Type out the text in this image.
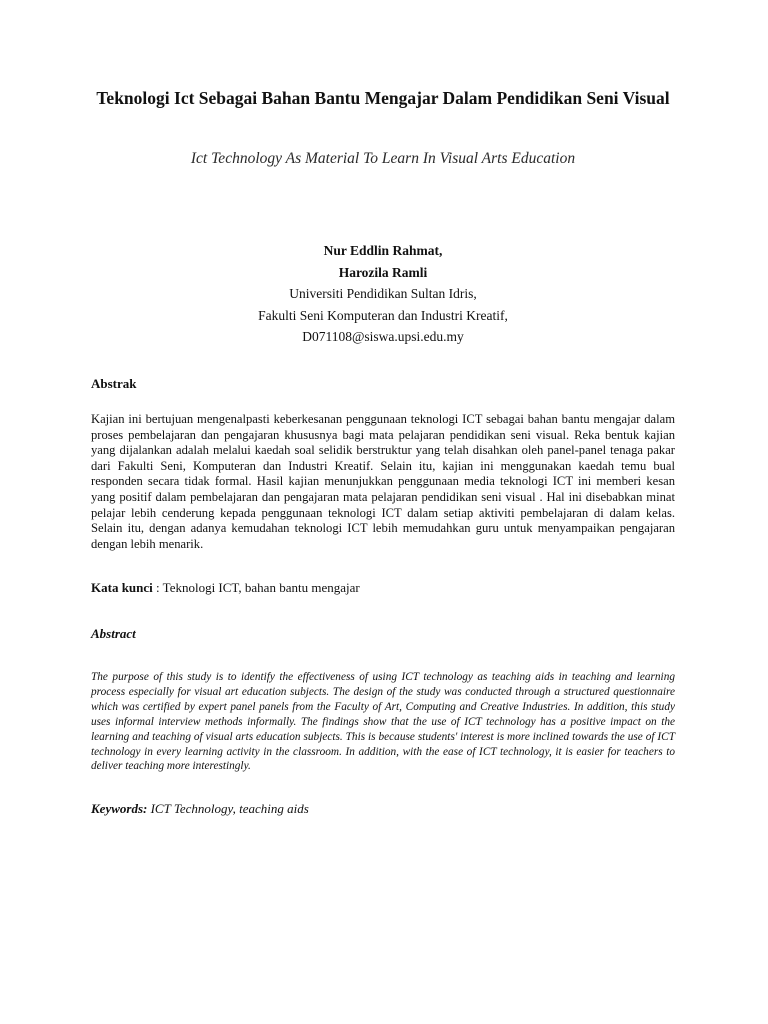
Teknologi Ict Sebagai Bahan Bantu Mengajar Dalam Pendidikan Seni Visual

Ict Technology As Material To Learn In Visual Arts Education

Nur Eddlin Rahmat,
Harozila Ramli
Universiti Pendidikan Sultan Idris,
Fakulti Seni Komputeran dan Industri Kreatif,
D071108@siswa.upsi.edu.my
Abstrak

Kajian ini bertujuan mengenalpasti keberkesanan penggunaan teknologi ICT sebagai bahan bantu mengajar dalam proses pembelajaran dan pengajaran khususnya bagi mata pelajaran pendidikan seni visual. Reka bentuk kajian yang dijalankan adalah melalui kaedah soal selidik berstruktur yang telah disahkan oleh panel-panel tenaga pakar dari Fakulti Seni, Komputeran dan Industri Kreatif. Selain itu, kajian ini menggunakan kaedah temu bual responden secara tidak formal. Hasil kajian menunjukkan penggunaan media teknologi ICT ini memberi kesan yang positif dalam pembelajaran dan pengajaran mata pelajaran pendidikan seni visual . Hal ini disebabkan minat pelajar lebih cenderung kepada penggunaan teknologi ICT dalam setiap aktiviti pembelajaran di dalam kelas. Selain itu, dengan adanya kemudahan teknologi ICT lebih memudahkan guru untuk menyampaikan pengajaran dengan lebih menarik.

Kata kunci : Teknologi ICT, bahan bantu mengajar

Abstract

The purpose of this study is to identify the effectiveness of using ICT technology as teaching aids in teaching and learning process especially for visual art education subjects. The design of the study was conducted through a structured questionnaire which was certified by expert panel panels from the Faculty of Art, Computing and Creative Industries. In addition, this study uses informal interview methods informally. The findings show that the use of ICT technology has a positive impact on the learning and teaching of visual arts education subjects. This is because students' interest is more inclined towards the use of ICT technology in every learning activity in the classroom. In addition, with the ease of ICT technology, it is easier for teachers to deliver teaching more interestingly.

Keywords: ICT Technology, teaching aids
